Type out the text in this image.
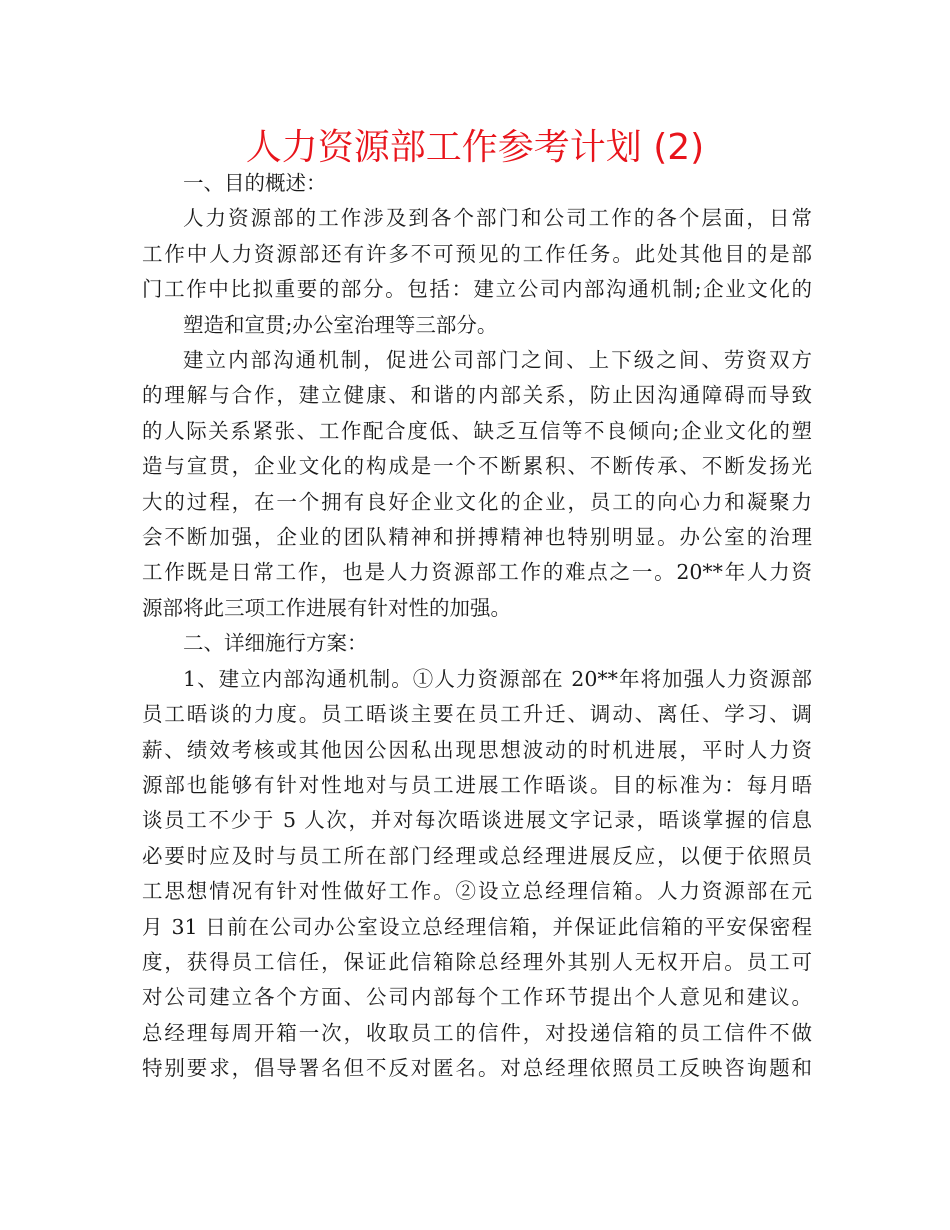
人力资源部工作参考计划 (2)
一、目的概述：
人力资源部的工作涉及到各个部门和公司工作的各个层面，日常
工作中人力资源部还有许多不可预见的工作任务。此处其他目的是部
门工作中比拟重要的部分。包括：建立公司内部沟通机制;企业文化的
塑造和宣贯;办公室治理等三部分。
建立内部沟通机制，促进公司部门之间、上下级之间、劳资双方
的理解与合作，建立健康、和谐的内部关系，防止因沟通障碍而导致
的人际关系紧张、工作配合度低、缺乏互信等不良倾向;企业文化的塑
造与宣贯，企业文化的构成是一个不断累积、不断传承、不断发扬光
大的过程，在一个拥有良好企业文化的企业，员工的向心力和凝聚力
会不断加强，企业的团队精神和拼搏精神也特别明显。办公室的治理
工作既是日常工作，也是人力资源部工作的难点之一。20**年人力资
源部将此三项工作进展有针对性的加强。
二、详细施行方案：
1、建立内部沟通机制。①人力资源部在 20**年将加强人力资源部
员工晤谈的力度。员工晤谈主要在员工升迁、调动、离任、学习、调
薪、绩效考核或其他因公因私出现思想波动的时机进展，平时人力资
源部也能够有针对性地对与员工进展工作晤谈。目的标准为：每月晤
谈员工不少于 5 人次，并对每次晤谈进展文字记录，晤谈掌握的信息
必要时应及时与员工所在部门经理或总经理进展反应，以便于依照员
工思想情况有针对性做好工作。②设立总经理信箱。人力资源部在元
月 31 日前在公司办公室设立总经理信箱，并保证此信箱的平安保密程
度，获得员工信任，保证此信箱除总经理外其别人无权开启。员工可
对公司建立各个方面、公司内部每个工作环节提出个人意见和建议。
总经理每周开箱一次，收取员工的信件，对投递信箱的员工信件不做
特别要求，倡导署名但不反对匿名。对总经理依照员工反映咨询题和
